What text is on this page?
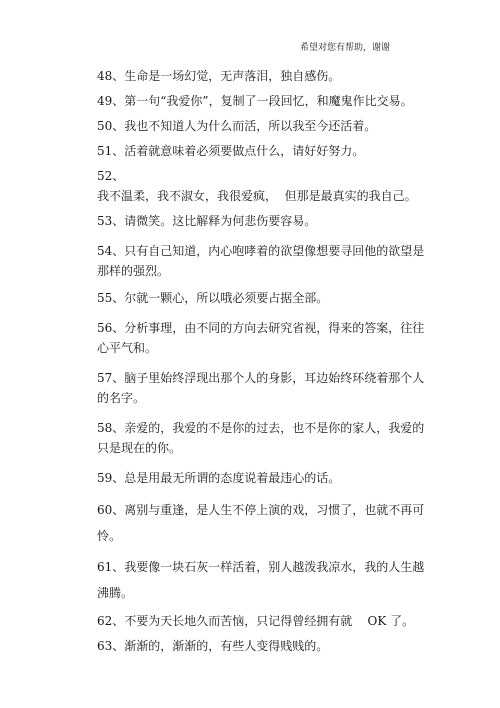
希望对您有帮助，谢谢

48、生命是一场幻觉，无声落泪，独自感伤。

49、第一句“我爱你”，复制了一段回忆，和魔鬼作比交易。

50、我也不知道人为什么而活，所以我至今还活着。

51、活着就意味着必须要做点什么，请好好努力。

52、我不温柔，我不淑女，我很爱疯，  但那是最真实的我自己。

53、请微笑。这比解释为何悲伤要容易。

54、只有自己知道，内心咆哮着的欲望像想要寻回他的欲望是
那样的强烈。

55、尔就一颗心，所以哦必须要占据全部。

56、分析事理，由不同的方向去研究省视，得来的答案，往往
心平气和。

57、脑子里始终浮现出那个人的身影，耳边始终环绕着那个人
的名字。

58、亲爱的，我爱的不是你的过去，也不是你的家人，我爱的
只是现在的你。

59、总是用最无所谓的态度说着最违心的话。

60、离别与重逢，是人生不停上演的戏，习惯了，也就不再可
怜。

61、我要像一块石灰一样活着，别人越泼我凉水，我的人生越
沸腾。

62、不要为天长地久而苦恼，只记得曾经拥有就    OK 了。

63、渐渐的，渐渐的，有些人变得贱贱的。
